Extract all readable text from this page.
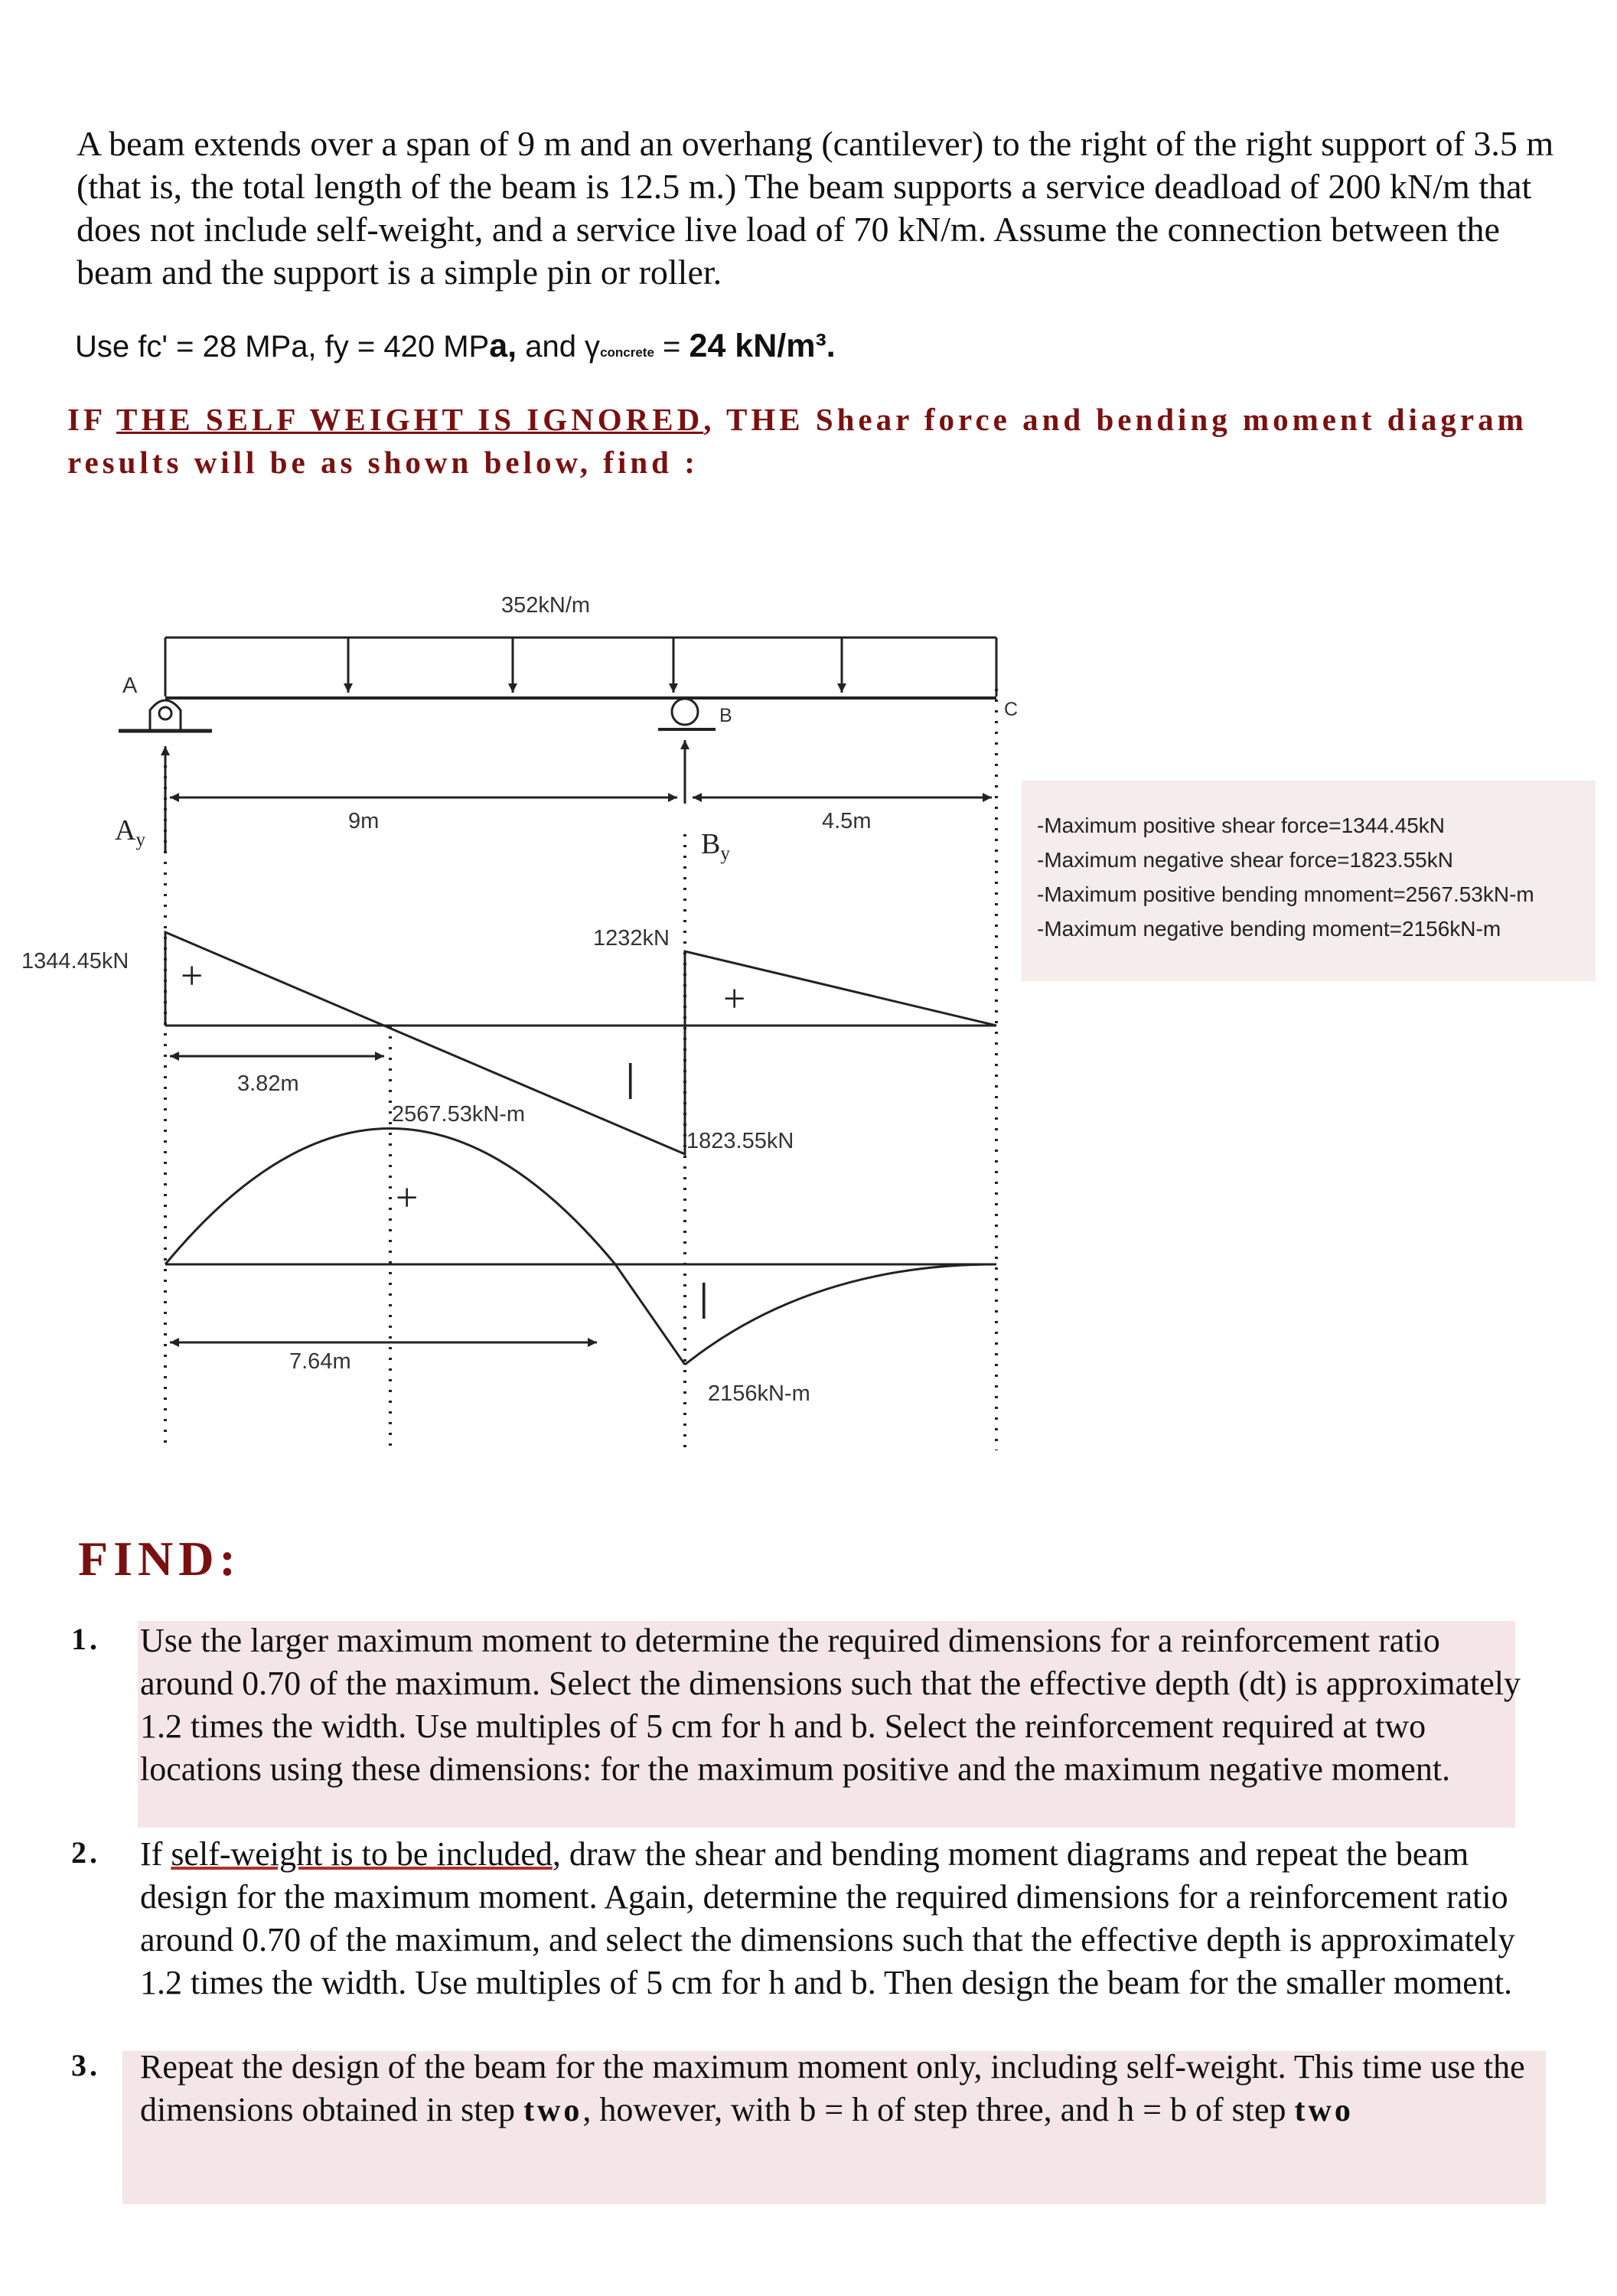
A beam extends over a span of 9 m and an overhang (cantilever) to the right of the right support of 3.5 m (that is, the total length of the beam is 12.5 m.) The beam supports a service deadload of 200 kN/m that does not include self-weight, and a service live load of 70 kN/m. Assume the connection between the beam and the support is a simple pin or roller.
Use fc' = 28 MPa, fy = 420 MPa, and γconcrete = 24 kN/m³.
IF THE SELF WEIGHT IS IGNORED, THE Shear force and bending moment diagram results will be as shown below, find :
352kN/m
A
B	C
9m	4.5m
1344.45kN
1232kN
1823.55kN
3.82m
2567.53kN-m
2156kN-m
7.64m
$A_y$	$B_y$
+
+
|
+
|
-Maximum positive shear force=1344.45kN
-Maximum negative shear force=1823.55kN
-Maximum positive bending mnoment=2567.53kN-m
-Maximum negative bending moment=2156kN-m
FIND:
1. Use the larger maximum moment to determine the required dimensions for a reinforcement ratio around 0.70 of the maximum. Select the dimensions such that the effective depth (dt) is approximately 1.2 times the width. Use multiples of 5 cm for h and b. Select the reinforcement required at two locations using these dimensions: for the maximum positive and the maximum negative moment.
2. If self-weight is to be included, draw the shear and bending moment diagrams and repeat the beam design for the maximum moment. Again, determine the required dimensions for a reinforcement ratio around 0.70 of the maximum, and select the dimensions such that the effective depth is approximately 1.2 times the width. Use multiples of 5 cm for h and b. Then design the beam for the smaller moment.
3. Repeat the design of the beam for the maximum moment only, including self-weight. This time use the dimensions obtained in step two, however, with b = h of step three, and h = b of step two
